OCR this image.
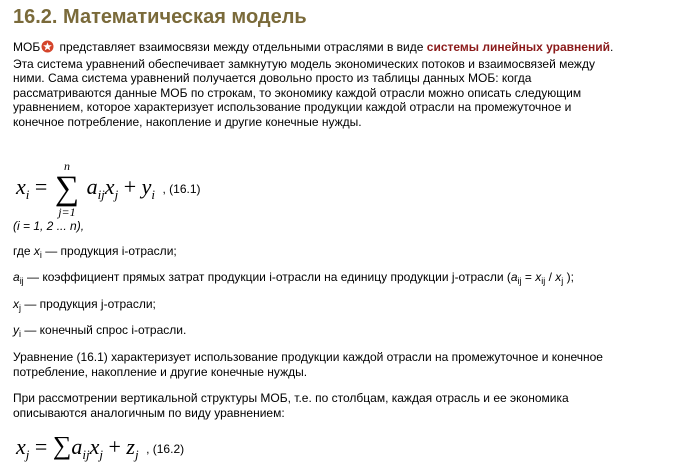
16.2. Математическая модель
МОБ представляет взаимосвязи между отдельными отраслями в виде системы линейных уравнений.
Эта система уравнений обеспечивает замкнутую модель экономических потоков и взаимосвязей между
ними. Сама система уравнений получается довольно просто из таблицы данных МОБ: когда
рассматриваются данные МОБ по строкам, то экономику каждой отрасли можно описать следующим
уравнением, которое характеризует использование продукции каждой отрасли на промежуточное и
конечное потребление, накопление и другие конечные нужды.
$x_i$ =
n
∑
j=1
$a_{ij}x_j + y_i$ , (16.1)
(i = 1, 2 ... n),
где $x_i$ — продукция i-отрасли;
$a_{ij}$ — коэффициент прямых затрат продукции i-отрасли на единицу продукции j-отрасли ($a_{ij} = x_{ij} / x_j$ );
$x_j$ — продукция j-отрасли;
$y_i$ — конечный спрос i-отрасли.
Уравнение (16.1) характеризует использование продукции каждой отрасли на промежуточное и конечное
потребление, накопление и другие конечные нужды.
При рассмотрении вертикальной структуры МОБ, т.е. по столбцам, каждая отрасль и ее экономика
описываются аналогичным по виду уравнением:
$x_j = \sum a_{ij}x_j + z_j$ , (16.2)
